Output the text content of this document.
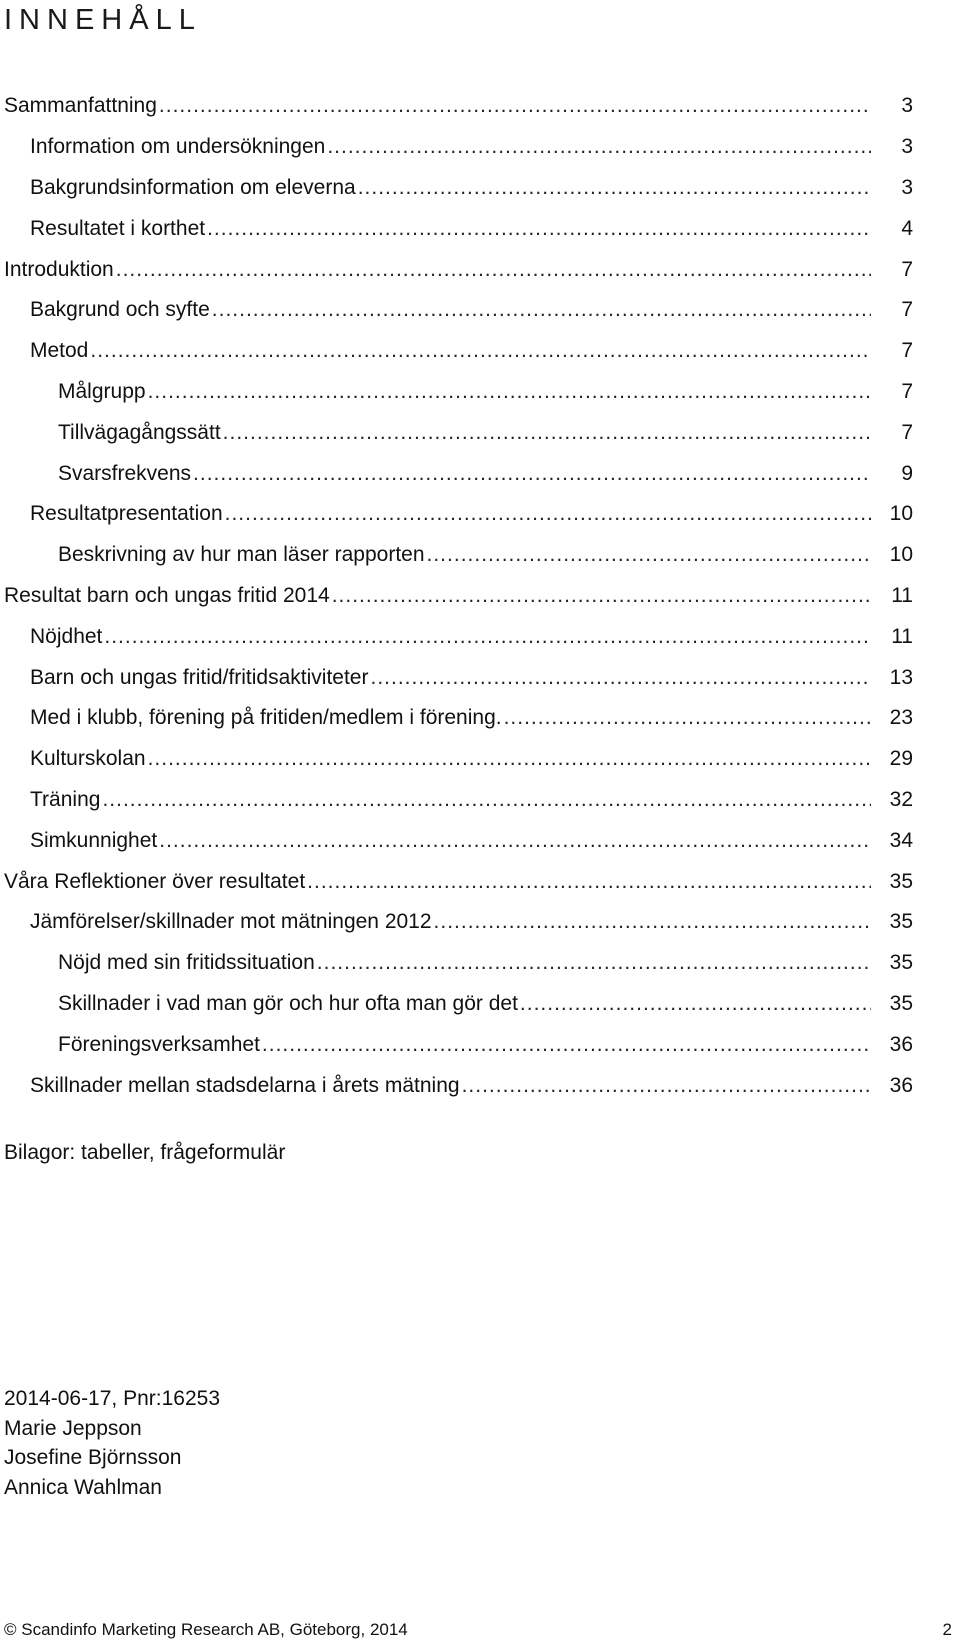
INNEHÅLL
Sammanfattning .....	3
Information om undersökningen .....	3
Bakgrundsinformation om eleverna .....	3
Resultatet i korthet .....	4
Introduktion .....	7
Bakgrund och syfte .....	7
Metod .....	7
Målgrupp .....	7
Tillvägagångssätt .....	7
Svarsfrekvens .....	9
Resultatpresentation .....	10
Beskrivning av hur man läser rapporten .....	10
Resultat barn och ungas fritid 2014 .....	11
Nöjdhet .....	11
Barn och ungas fritid/fritidsaktiviteter .....	13
Med i klubb, förening på fritiden/medlem i förening. .....	23
Kulturskolan .....	29
Träning .....	32
Simkunnighet .....	34
Våra Reflektioner över resultatet .....	35
Jämförelser/skillnader mot mätningen 2012 .....	35
Nöjd med sin fritidssituation .....	35
Skillnader i vad man gör och hur ofta man gör det .....	35
Föreningsverksamhet .....	36
Skillnader mellan stadsdelarna i årets mätning .....	36
Bilagor: tabeller, frågeformulär
2014-06-17, Pnr:16253
Marie Jeppson
Josefine Björnsson
Annica Wahlman
© Scandinfo Marketing Research AB, Göteborg, 2014	2
